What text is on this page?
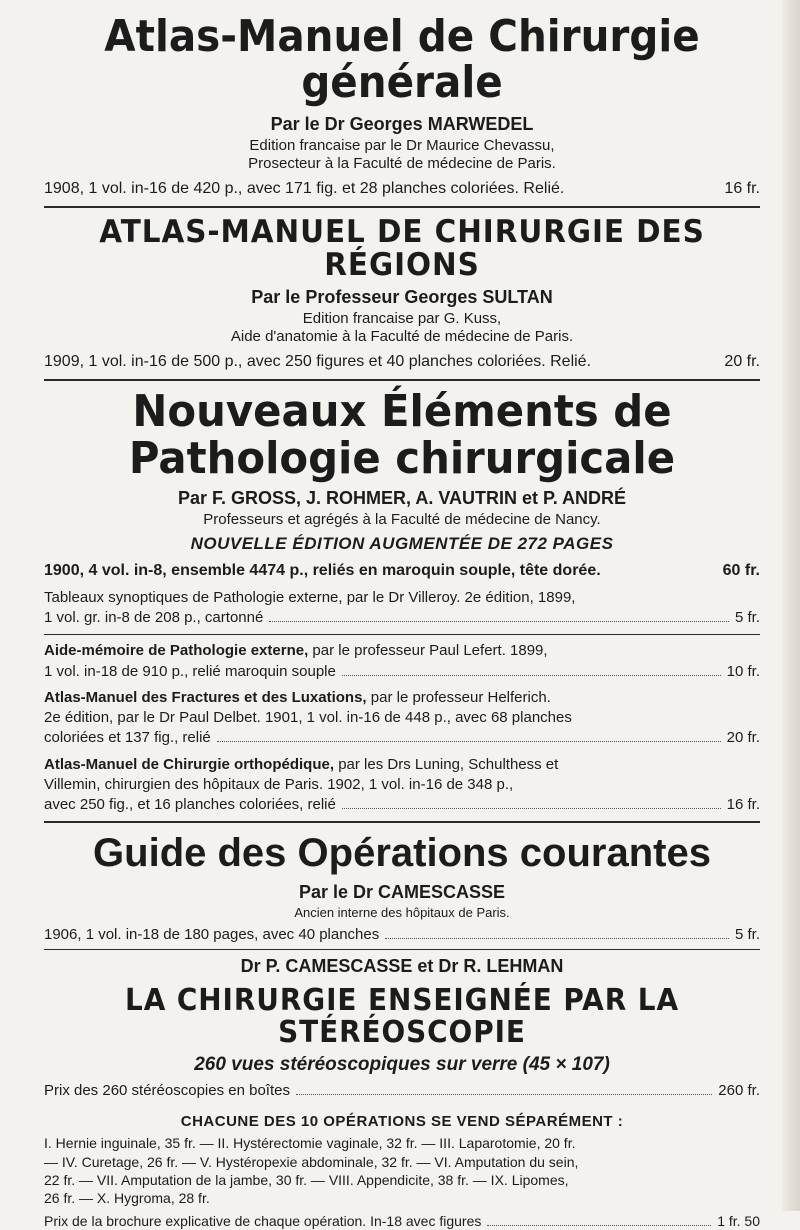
Atlas-Manuel de Chirurgie générale
Par le Dr Georges MARWEDEL
Edition francaise par le Dr Maurice Chevassu,
Prosecteur à la Faculté de médecine de Paris.
1908, 1 vol. in-16 de 420 p., avec 171 fig. et 28 planches coloriées. Relié.	16 fr.
ATLAS-MANUEL DE CHIRURGIE DES RÉGIONS
Par le Professeur Georges SULTAN
Edition francaise par G. Kuss,
Aide d'anatomie à la Faculté de médecine de Paris.
1909, 1 vol. in-16 de 500 p., avec 250 figures et 40 planches coloriées. Relié.	20 fr.
Nouveaux Éléments de Pathologie chirurgicale
Par F. GROSS, J. ROHMER, A. VAUTRIN et P. ANDRÉ
Professeurs et agrégés à la Faculté de médecine de Nancy.
NOUVELLE ÉDITION AUGMENTÉE DE 272 PAGES
1900, 4 vol. in-8, ensemble 4474 p., reliés en maroquin souple, tête dorée.	60 fr.
Tableaux synoptiques de Pathologie externe, par le Dr Villeroy. 2e édition, 1899,
1 vol. gr. in-8 de 208 p., cartonné	5 fr.
Aide-mémoire de Pathologie externe, par le professeur Paul Lefert. 1899,
1 vol. in-18 de 910 p., relié maroquin souple	10 fr.
Atlas-Manuel des Fractures et des Luxations, par le professeur Helferich.
2e édition, par le Dr Paul Delbet. 1901, 1 vol. in-16 de 448 p., avec 68 planches
coloriées et 137 fig., relié	20 fr.
Atlas-Manuel de Chirurgie orthopédique, par les Drs Luning, Schulthess et
Villemin, chirurgien des hôpitaux de Paris. 1902, 1 vol. in-16 de 348 p.,
avec 250 fig., et 16 planches coloriées, relié	16 fr.
Guide des Opérations courantes
Par le Dr CAMESCASSE
Ancien interne des hôpitaux de Paris.
1906, 1 vol. in-18 de 180 pages, avec 40 planches	5 fr.
Dr P. CAMESCASSE et Dr R. LEHMAN
LA CHIRURGIE ENSEIGNÉE PAR LA STÉRÉOSCOPIE
260 vues stéréoscopiques sur verre (45 × 107)
Prix des 260 stéréoscopies en boîtes	260 fr.
CHACUNE DES 10 OPÉRATIONS SE VEND SÉPARÉMENT :
I. Hernie inguinale, 35 fr. — II. Hystérectomie vaginale, 32 fr. — III. Laparotomie, 20 fr.
— IV. Curetage, 26 fr. — V. Hystéropexie abdominale, 32 fr. — VI. Amputation du sein,
22 fr. — VII. Amputation de la jambe, 30 fr. — VIII. Appendicite, 38 fr. — IX. Lipomes,
26 fr. — X. Hygroma, 28 fr.
Prix de la brochure explicative de chaque opération. In-18 avec figures	1 fr. 50
